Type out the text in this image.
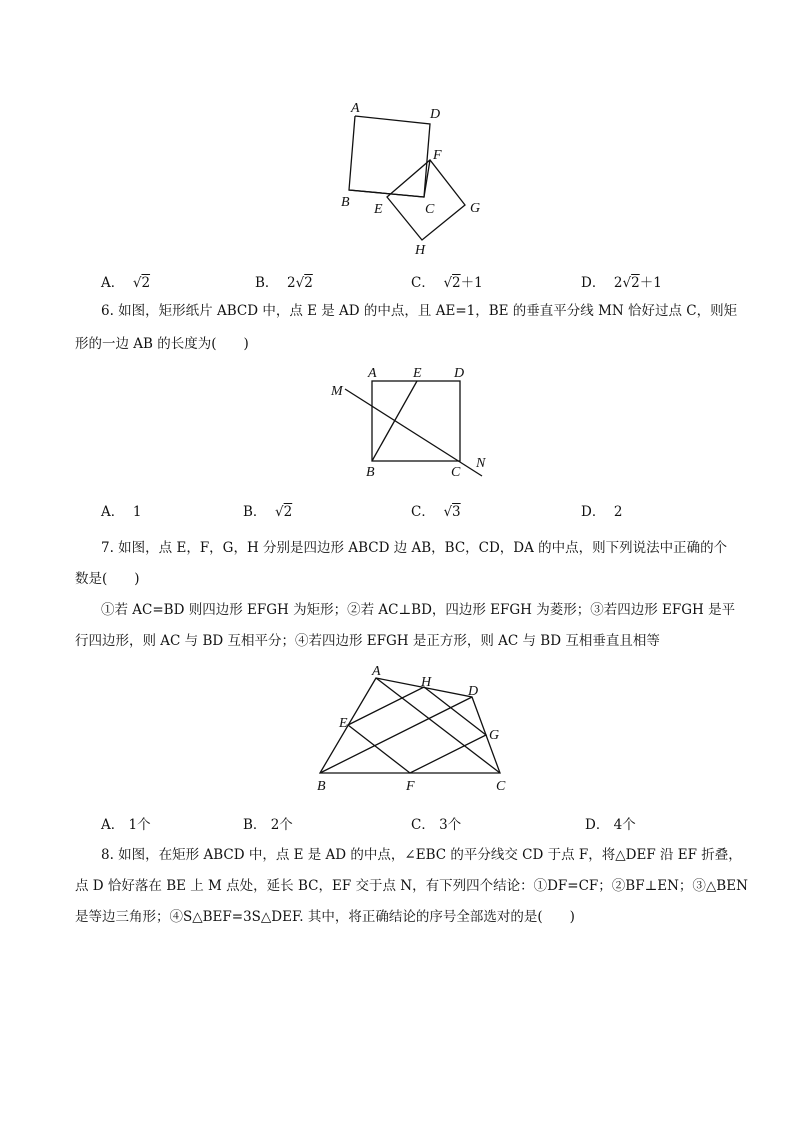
A	D
F
B E	C	G
H
A． √2	B． 2√2	C． √2＋1	D． 2√2＋1
6. 如图，矩形纸片 ABCD 中，点 E 是 AD 的中点，且 AE=1，BE 的垂直平分线 MN 恰好过点 C，则矩
形的一边 AB 的长度为(　　)
M
A	E D
B	C
N
A． 1	B． √2	C． √3	D． 2
7. 如图，点 E，F，G，H 分别是四边形 ABCD 边 AB，BC，CD，DA 的中点，则下列说法中正确的个
数是(　　)
①若 AC=BD 则四边形 EFGH 为矩形；②若 AC⊥BD，四边形 EFGH 为菱形；③若四边形 EFGH 是平
行四边形，则 AC 与 BD 互相平分；④若四边形 EFGH 是正方形，则 AC 与 BD 互相垂直且相等
A
H
D
E
G
B	F	C
A． 1个	B． 2个	C． 3个	D． 4个
8. 如图，在矩形 ABCD 中，点 E 是 AD 的中点，∠EBC 的平分线交 CD 于点 F，将△DEF 沿 EF 折叠，
点 D 恰好落在 BE 上 M 点处，延长 BC，EF 交于点 N，有下列四个结论：①DF=CF；②BF⊥EN；③△BEN
是等边三角形；④S△BEF=3S△DEF. 其中，将正确结论的序号全部选对的是(　　)
